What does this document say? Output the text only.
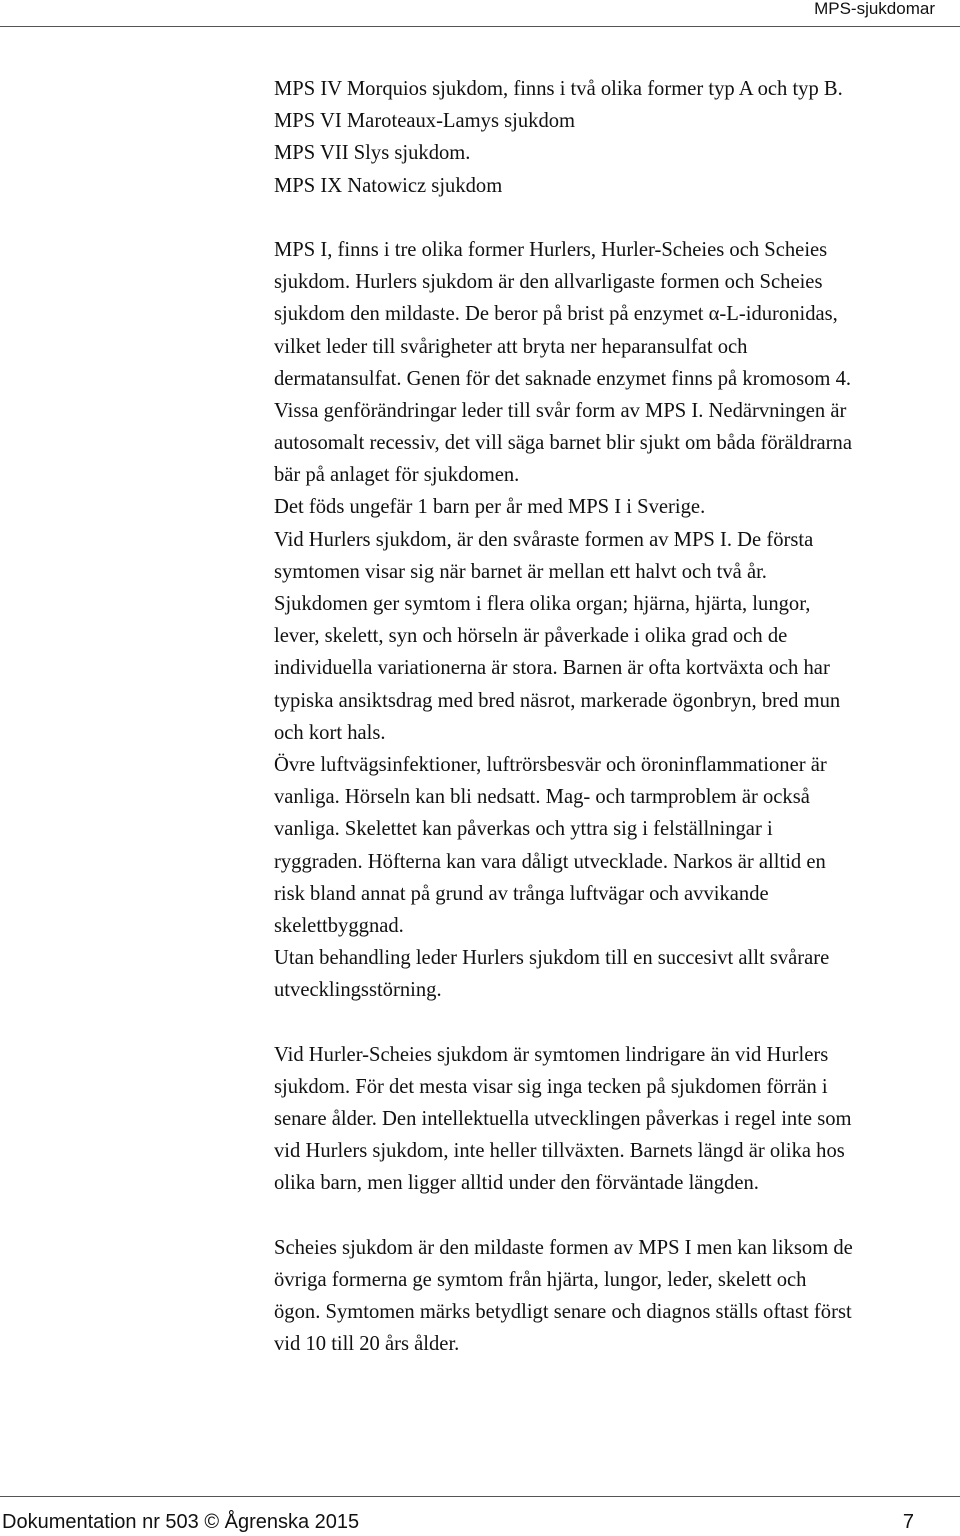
MPS-sjukdomar
MPS IV Morquios sjukdom, finns i två olika former typ A och typ B.
MPS VI Maroteaux-Lamys sjukdom
MPS VII Slys sjukdom.
MPS IX Natowicz sjukdom
MPS I, finns i tre olika former Hurlers, Hurler-Scheies och Scheies
sjukdom. Hurlers sjukdom är den allvarligaste formen och Scheies
sjukdom den mildaste. De beror på brist på enzymet α-L-iduronidas,
vilket leder till svårigheter att bryta ner heparansulfat och
dermatansulfat. Genen för det saknade enzymet finns på kromosom 4.
Vissa genförändringar leder till svår form av MPS I. Nedärvningen är
autosomalt recessiv, det vill säga barnet blir sjukt om båda föräldrarna
bär på anlaget för sjukdomen.
Det föds ungefär 1 barn per år med MPS I i Sverige.
Vid Hurlers sjukdom, är den svåraste formen av MPS I. De första
symtomen visar sig när barnet är mellan ett halvt och två år.
Sjukdomen ger symtom i flera olika organ; hjärna, hjärta, lungor,
lever, skelett, syn och hörseln är påverkade i olika grad och de
individuella variationerna är stora. Barnen är ofta kortväxta och har
typiska ansiktsdrag med bred näsrot, markerade ögonbryn, bred mun
och kort hals.
Övre luftvägsinfektioner, luftrörsbesvär och öroninflammationer är
vanliga. Hörseln kan bli nedsatt. Mag- och tarmproblem är också
vanliga. Skelettet kan påverkas och yttra sig i felställningar i
ryggraden. Höfterna kan vara dåligt utvecklade. Narkos är alltid en
risk bland annat på grund av trånga luftvägar och avvikande
skelettbyggnad.
Utan behandling leder Hurlers sjukdom till en succesivt allt svårare
utvecklingsstörning.
Vid Hurler-Scheies sjukdom är symtomen lindrigare än vid Hurlers
sjukdom. För det mesta visar sig inga tecken på sjukdomen förrän i
senare ålder. Den intellektuella utvecklingen påverkas i regel inte som
vid Hurlers sjukdom, inte heller tillväxten. Barnets längd är olika hos
olika barn, men ligger alltid under den förväntade längden.
Scheies sjukdom är den mildaste formen av MPS I men kan liksom de
övriga formerna ge symtom från hjärta, lungor, leder, skelett och
ögon. Symtomen märks betydligt senare och diagnos ställs oftast först
vid 10 till 20 års ålder.
Dokumentation nr 503 © Ågrenska 2015	7
